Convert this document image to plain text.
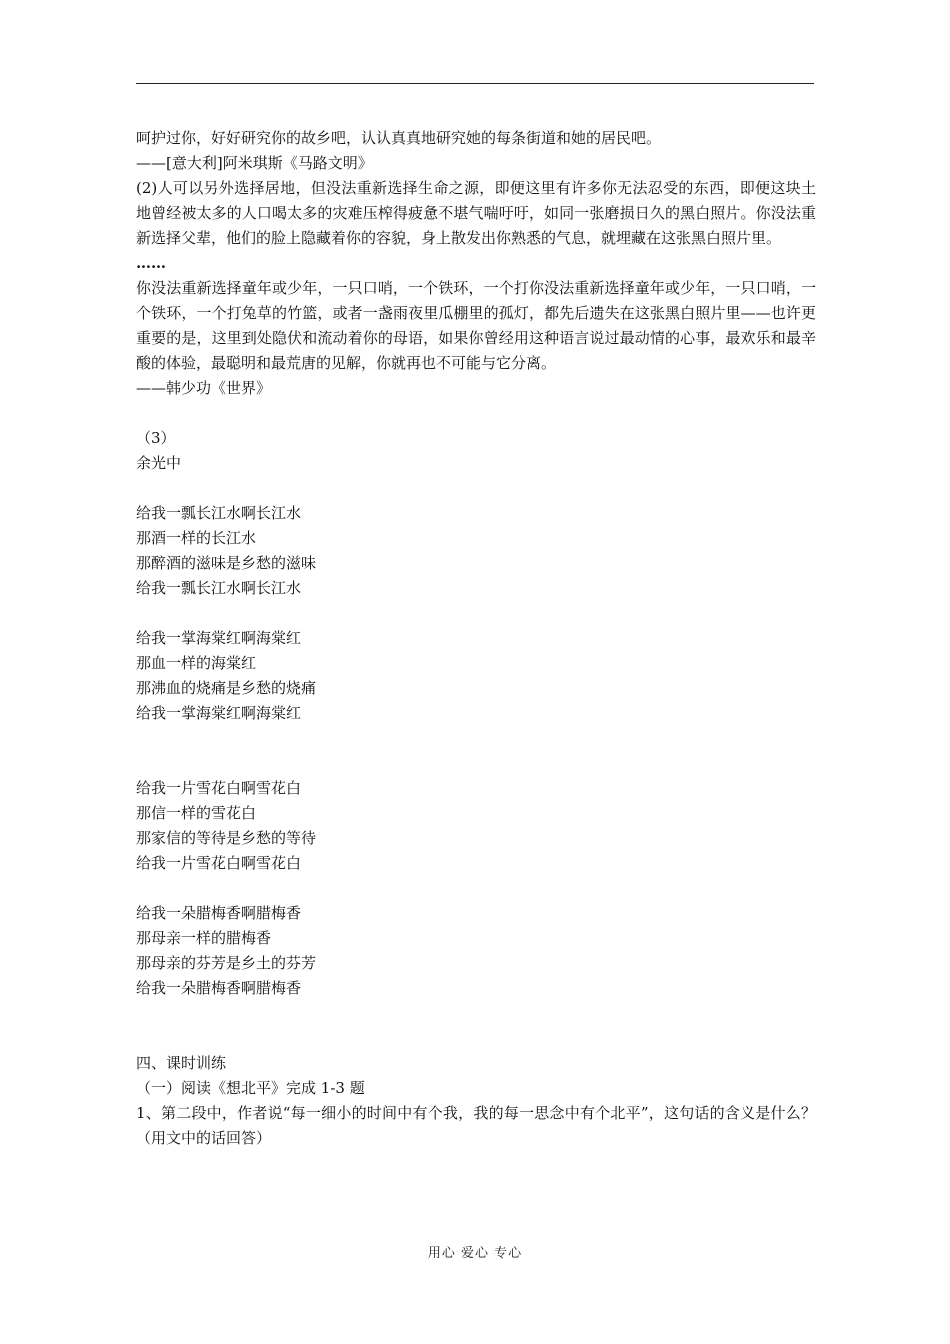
呵护过你，好好研究你的故乡吧，认认真真地研究她的每条街道和她的居民吧。
——[意大利]阿米琪斯《马路文明》
(2)人可以另外选择居地，但没法重新选择生命之源，即便这里有许多你无法忍受的东西，即便这块土地曾经被太多的人口喝太多的灾难压榨得疲惫不堪气喘吁吁，如同一张磨损日久的黑白照片。你没法重新选择父辈，他们的脸上隐藏着你的容貌，身上散发出你熟悉的气息，就埋藏在这张黑白照片里。
……
你没法重新选择童年或少年，一只口哨，一个铁环，一个打你没法重新选择童年或少年，一只口哨，一个铁环，一个打兔草的竹篮，或者一盏雨夜里瓜棚里的孤灯，都先后遗失在这张黑白照片里——也许更重要的是，这里到处隐伏和流动着你的母语，如果你曾经用这种语言说过最动情的心事，最欢乐和最辛酸的体验，最聪明和最荒唐的见解，你就再也不可能与它分离。
——韩少功《世界》
（3）
余光中
给我一瓢长江水啊长江水
那酒一样的长江水
那醉酒的滋味是乡愁的滋味
给我一瓢长江水啊长江水
给我一掌海棠红啊海棠红
那血一样的海棠红
那沸血的烧痛是乡愁的烧痛
给我一掌海棠红啊海棠红
给我一片雪花白啊雪花白
那信一样的雪花白
那家信的等待是乡愁的等待
给我一片雪花白啊雪花白
给我一朵腊梅香啊腊梅香
那母亲一样的腊梅香
那母亲的芬芳是乡土的芬芳
给我一朵腊梅香啊腊梅香
四、课时训练
（一）阅读《想北平》完成 1-3 题
1、第二段中，作者说“每一细小的时间中有个我，我的每一思念中有个北平”，这句话的含义是什么？（用文中的话回答）
用心 爱心 专心
